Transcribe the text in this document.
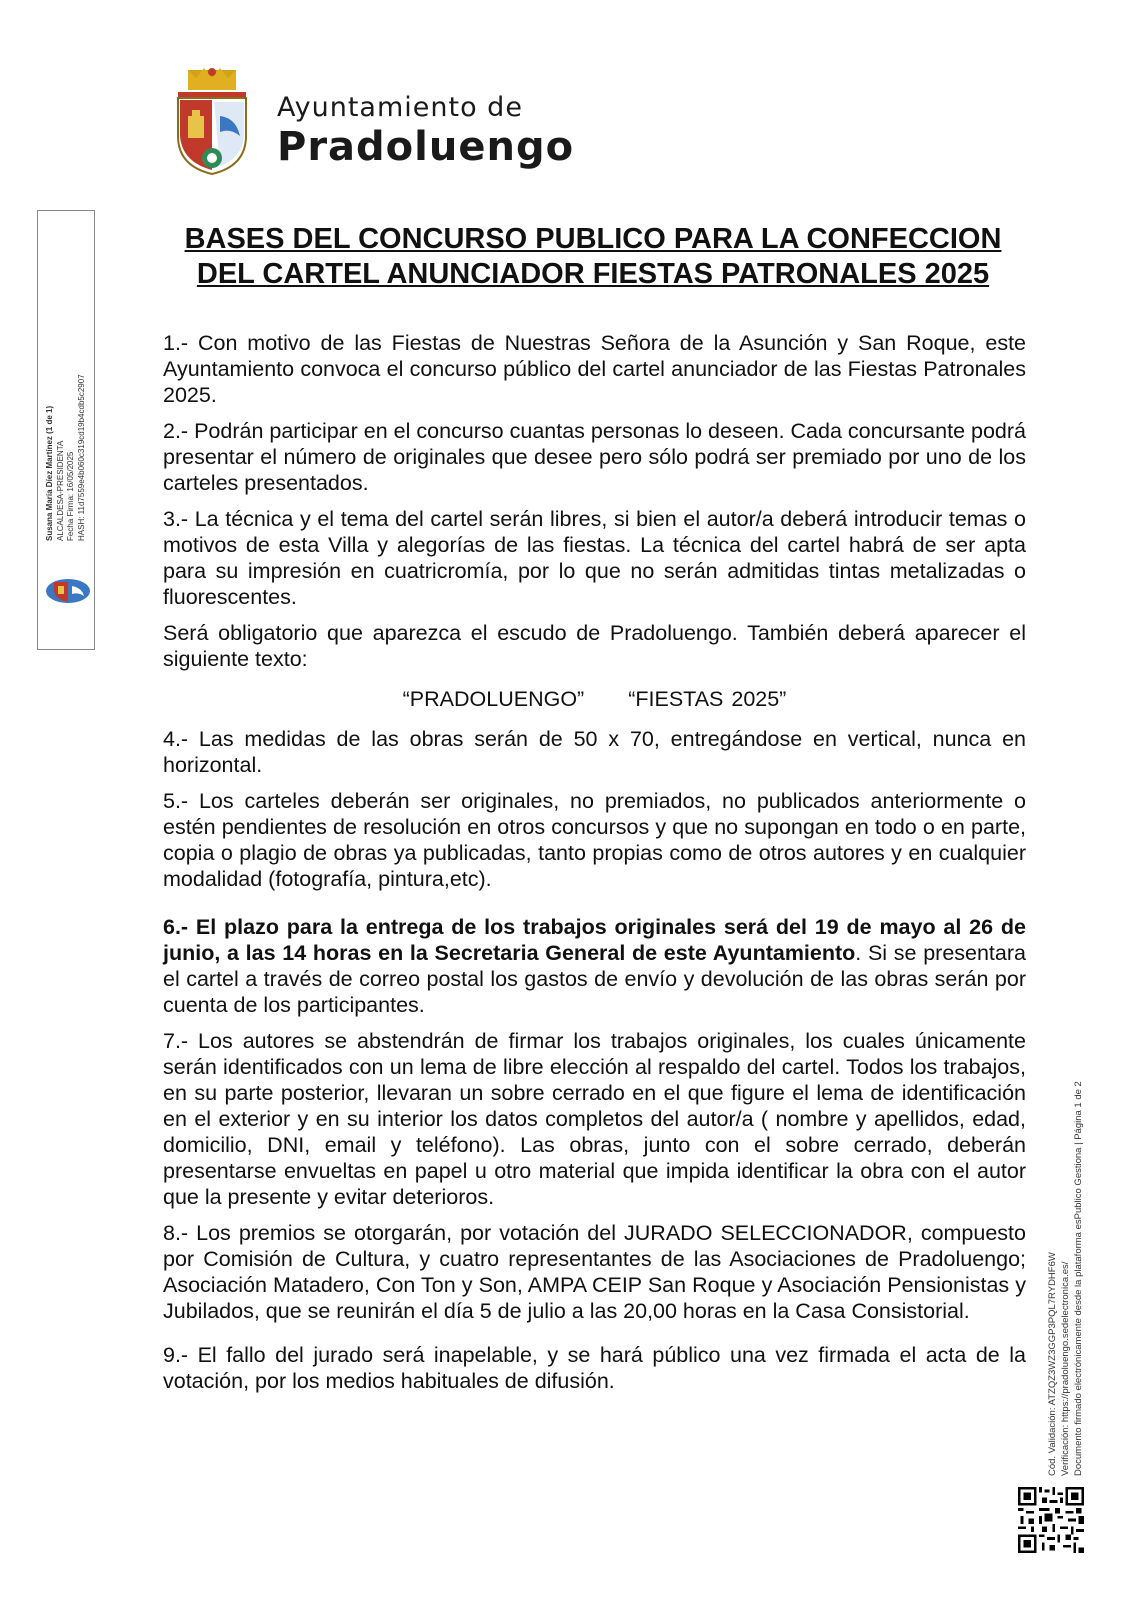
Ayuntamiento de
Pradoluengo
Susana María Díez Martínez (1 de 1) ALCALDESA-PRESIDENTA Fecha Firma: 16/05/2025 HASH: 11d7559e4b060c319cd19b4cdb5c2907
BASES DEL CONCURSO PUBLICO PARA LA CONFECCION
DEL CARTEL ANUNCIADOR FIESTAS PATRONALES 2025

1.- Con motivo de las Fiestas de Nuestras Señora de la Asunción y San Roque, este Ayuntamiento convoca el concurso público del cartel anunciador de las Fiestas Patronales 2025.

2.- Podrán participar en el concurso cuantas personas lo deseen. Cada concursante podrá presentar el número de originales que desee pero sólo podrá ser premiado por uno de los carteles presentados.

3.- La técnica y el tema del cartel serán libres, si bien el autor/a deberá introducir temas o motivos de esta Villa y alegorías de las fiestas. La técnica del cartel habrá de ser apta para su impresión en cuatricromía, por lo que no serán admitidas tintas metalizadas o fluorescentes.

Será obligatorio que aparezca el escudo de Pradoluengo. También deberá aparecer el siguiente texto:

“PRADOLUENGO” “FIESTAS 2025”

4.- Las medidas de las obras serán de 50 x 70, entregándose en vertical, nunca en horizontal.

5.- Los carteles deberán ser originales, no premiados, no publicados anteriormente o estén pendientes de resolución en otros concursos y que no supongan en todo o en parte, copia o plagio de obras ya publicadas, tanto propias como de otros autores y en cualquier modalidad (fotografía, pintura,etc).

6.- El plazo para la entrega de los trabajos originales será del 19 de mayo al 26 de junio, a las 14 horas en la Secretaria General de este Ayuntamiento. Si se presentara el cartel a través de correo postal los gastos de envío y devolución de las obras serán por cuenta de los participantes.

7.- Los autores se abstendrán de firmar los trabajos originales, los cuales únicamente serán identificados con un lema de libre elección al respaldo del cartel. Todos los trabajos, en su parte posterior, llevaran un sobre cerrado en el que figure el lema de identificación en el exterior y en su interior los datos completos del autor/a ( nombre y apellidos, edad, domicilio, DNI, email y teléfono). Las obras, junto con el sobre cerrado, deberán presentarse envueltas en papel u otro material que impida identificar la obra con el autor que la presente y evitar deterioros.

8.- Los premios se otorgarán, por votación del JURADO SELECCIONADOR, compuesto por Comisión de Cultura, y cuatro representantes de las Asociaciones de Pradoluengo; Asociación Matadero, Con Ton y Son, AMPA CEIP San Roque y Asociación Pensionistas y Jubilados, que se reunirán el día 5 de julio a las 20,00 horas en la Casa Consistorial.

9.- El fallo del jurado será inapelable, y se hará público una vez firmada el acta de la votación, por los medios habituales de difusión.	Cód. Validación: ATZQZ3WZ3GGP3PQL7RYDHF6W Verificación: https://pradoluengo.sedelectronica.es/ Documento firmado electrónicamente desde la plataforma esPublico Gestiona | Página 1 de 2
